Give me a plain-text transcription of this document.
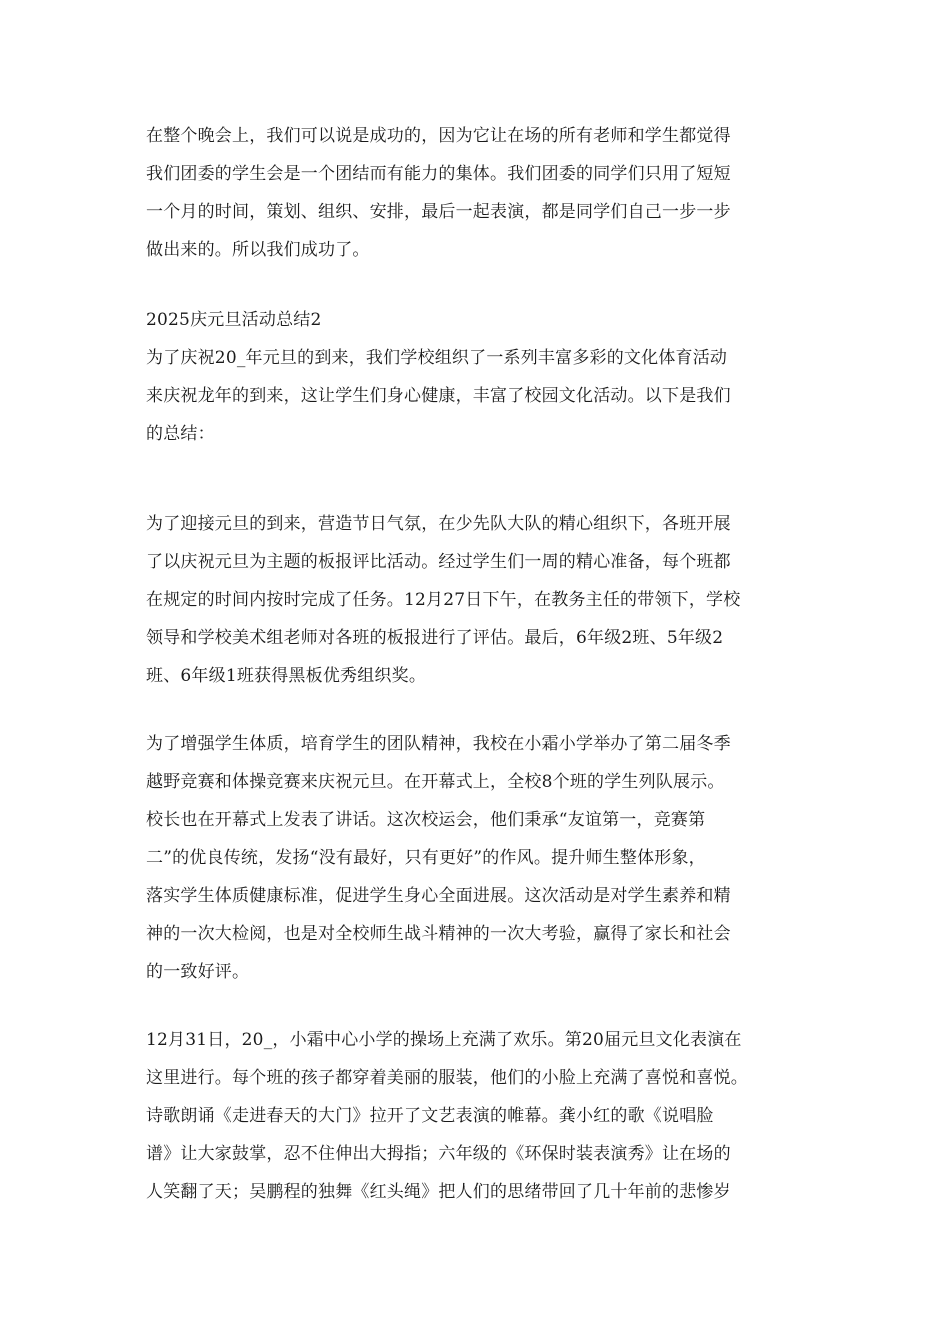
在整个晚会上，我们可以说是成功的，因为它让在场的所有老师和学生都觉得
我们团委的学生会是一个团结而有能力的集体。我们团委的同学们只用了短短
一个月的时间，策划、组织、安排，最后一起表演，都是同学们自己一步一步
做出来的。所以我们成功了。
2025庆元旦活动总结2
为了庆祝20_年元旦的到来，我们学校组织了一系列丰富多彩的文化体育活动
来庆祝龙年的到来，这让学生们身心健康，丰富了校园文化活动。以下是我们
的总结：
为了迎接元旦的到来，营造节日气氛，在少先队大队的精心组织下，各班开展
了以庆祝元旦为主题的板报评比活动。经过学生们一周的精心准备，每个班都
在规定的时间内按时完成了任务。12月27日下午，在教务主任的带领下，学校
领导和学校美术组老师对各班的板报进行了评估。最后，6年级2班、5年级2
班、6年级1班获得黑板优秀组织奖。
为了增强学生体质，培育学生的团队精神，我校在小霜小学举办了第二届冬季
越野竞赛和体操竞赛来庆祝元旦。在开幕式上，全校8个班的学生列队展示。
校长也在开幕式上发表了讲话。这次校运会，他们秉承“友谊第一，竞赛第
二”的优良传统，发扬“没有最好，只有更好”的作风。提升师生整体形象，
落实学生体质健康标准，促进学生身心全面进展。这次活动是对学生素养和精
神的一次大检阅，也是对全校师生战斗精神的一次大考验，赢得了家长和社会
的一致好评。
12月31日，20_，小霜中心小学的操场上充满了欢乐。第20届元旦文化表演在
这里进行。每个班的孩子都穿着美丽的服装，他们的小脸上充满了喜悦和喜悦。
诗歌朗诵《走进春天的大门》拉开了文艺表演的帷幕。龚小红的歌《说唱脸
谱》让大家鼓掌，忍不住伸出大拇指；六年级的《环保时装表演秀》让在场的
人笑翻了天；吴鹏程的独舞《红头绳》把人们的思绪带回了几十年前的悲惨岁
